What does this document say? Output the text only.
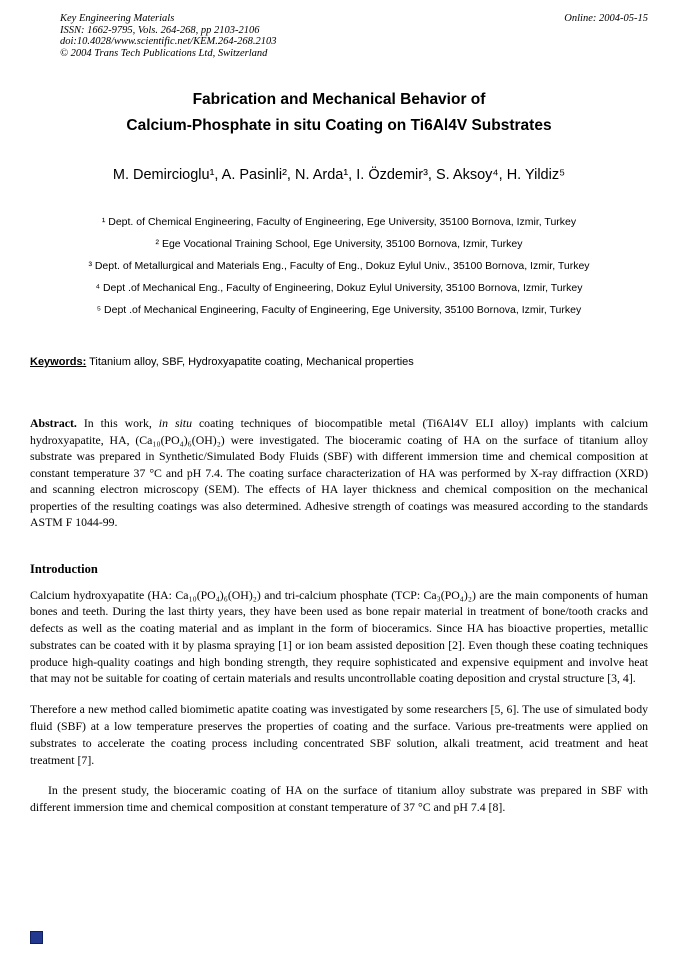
Key Engineering Materials
ISSN: 1662-9795, Vols. 264-268, pp 2103-2106
doi:10.4028/www.scientific.net/KEM.264-268.2103
© 2004 Trans Tech Publications Ltd, Switzerland
Online: 2004-05-15
Fabrication and Mechanical Behavior of
Calcium-Phosphate in situ Coating on Ti6Al4V Substrates
M. Demircioglu¹, A. Pasinli², N. Arda¹, I. Özdemir³, S. Aksoy⁴, H. Yildiz⁵
¹ Dept. of Chemical Engineering, Faculty of Engineering, Ege University, 35100 Bornova, Izmir, Turkey
² Ege Vocational Training School, Ege University, 35100 Bornova, Izmir, Turkey
³ Dept. of Metallurgical and Materials Eng., Faculty of Eng., Dokuz Eylul Univ., 35100 Bornova, Izmir, Turkey
⁴ Dept .of Mechanical Eng., Faculty of Engineering, Dokuz Eylul University, 35100 Bornova, Izmir, Turkey
⁵ Dept .of Mechanical Engineering, Faculty of Engineering, Ege University, 35100 Bornova, Izmir, Turkey
Keywords: Titanium alloy, SBF, Hydroxyapatite coating, Mechanical properties
Abstract. In this work, in situ coating techniques of biocompatible metal (Ti6Al4V ELI alloy) implants with calcium hydroxyapatite, HA, (Ca₁₀(PO₄)₆(OH)₂) were investigated. The bioceramic coating of HA on the surface of titanium alloy substrate was prepared in Synthetic/Simulated Body Fluids (SBF) with different immersion time and chemical composition at constant temperature 37 °C and pH 7.4. The coating surface characterization of HA was performed by X-ray diffraction (XRD) and scanning electron microscopy (SEM). The effects of HA layer thickness and chemical composition on the mechanical properties of the resulting coatings was also determined. Adhesive strength of coatings was measured according to the standards ASTM F 1044-99.
Introduction
Calcium hydroxyapatite (HA: Ca₁₀(PO₄)₆(OH)₂) and tri-calcium phosphate (TCP: Ca₃(PO₄)₂) are the main components of human bones and teeth. During the last thirty years, they have been used as bone repair material in treatment of bone/tooth cracks and defects as well as the coating material and as implant in the form of bioceramics. Since HA has bioactive properties, metallic substrates can be coated with it by plasma spraying [1] or ion beam assisted deposition [2]. Even though these coating techniques produce high-quality coatings and high bonding strength, they require sophisticated and expensive equipment and involve heat that may not be suitable for coating of certain materials and results uncontrollable coating deposition and crystal structure [3, 4].
Therefore a new method called biomimetic apatite coating was investigated by some researchers [5, 6]. The use of simulated body fluid (SBF) at a low temperature preserves the properties of coating and the surface. Various pre-treatments were applied on substrates to accelerate the coating process including concentrated SBF solution, alkali treatment, acid treatment and heat treatment [7].
In the present study, the bioceramic coating of HA on the surface of titanium alloy substrate was prepared in SBF with different immersion time and chemical composition at constant temperature of 37 °C and pH 7.4 [8].
